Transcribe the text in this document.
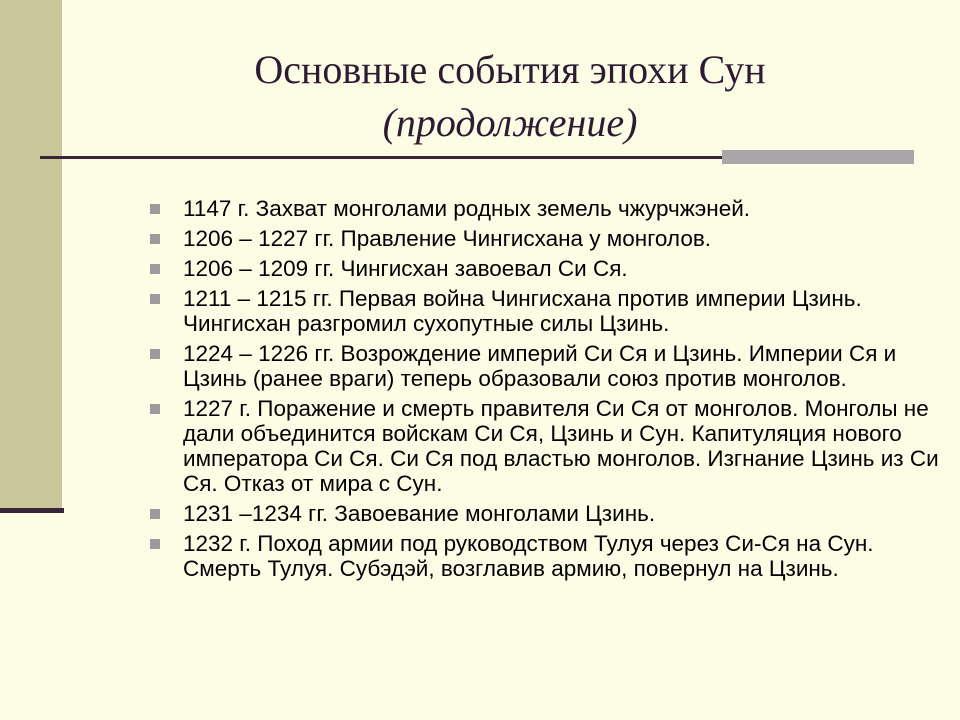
Основные события эпохи Сун
(продолжение)
1147 г. Захват монголами родных земель чжурчжэней.
1206 – 1227 гг. Правление Чингисхана у монголов.
1206 – 1209 гг. Чингисхан завоевал Си Ся.
1211 – 1215 гг. Первая война Чингисхана против империи Цзинь. Чингисхан разгромил сухопутные силы Цзинь.
1224 – 1226 гг. Возрождение империй Си Ся и Цзинь. Империи Ся и Цзинь (ранее враги) теперь образовали союз против монголов.
1227 г. Поражение и смерть правителя Си Ся от монголов. Монголы не дали объединится войскам Си Ся, Цзинь и Сун. Капитуляция нового императора Си Ся. Си Ся под властью монголов. Изгнание Цзинь из Си Ся. Отказ от мира с Сун.
1231 –1234 гг. Завоевание монголами Цзинь.
1232 г. Поход армии под руководством Тулуя через Си-Ся на Сун. Смерть Тулуя. Субэдэй, возглавив армию, повернул на Цзинь.
